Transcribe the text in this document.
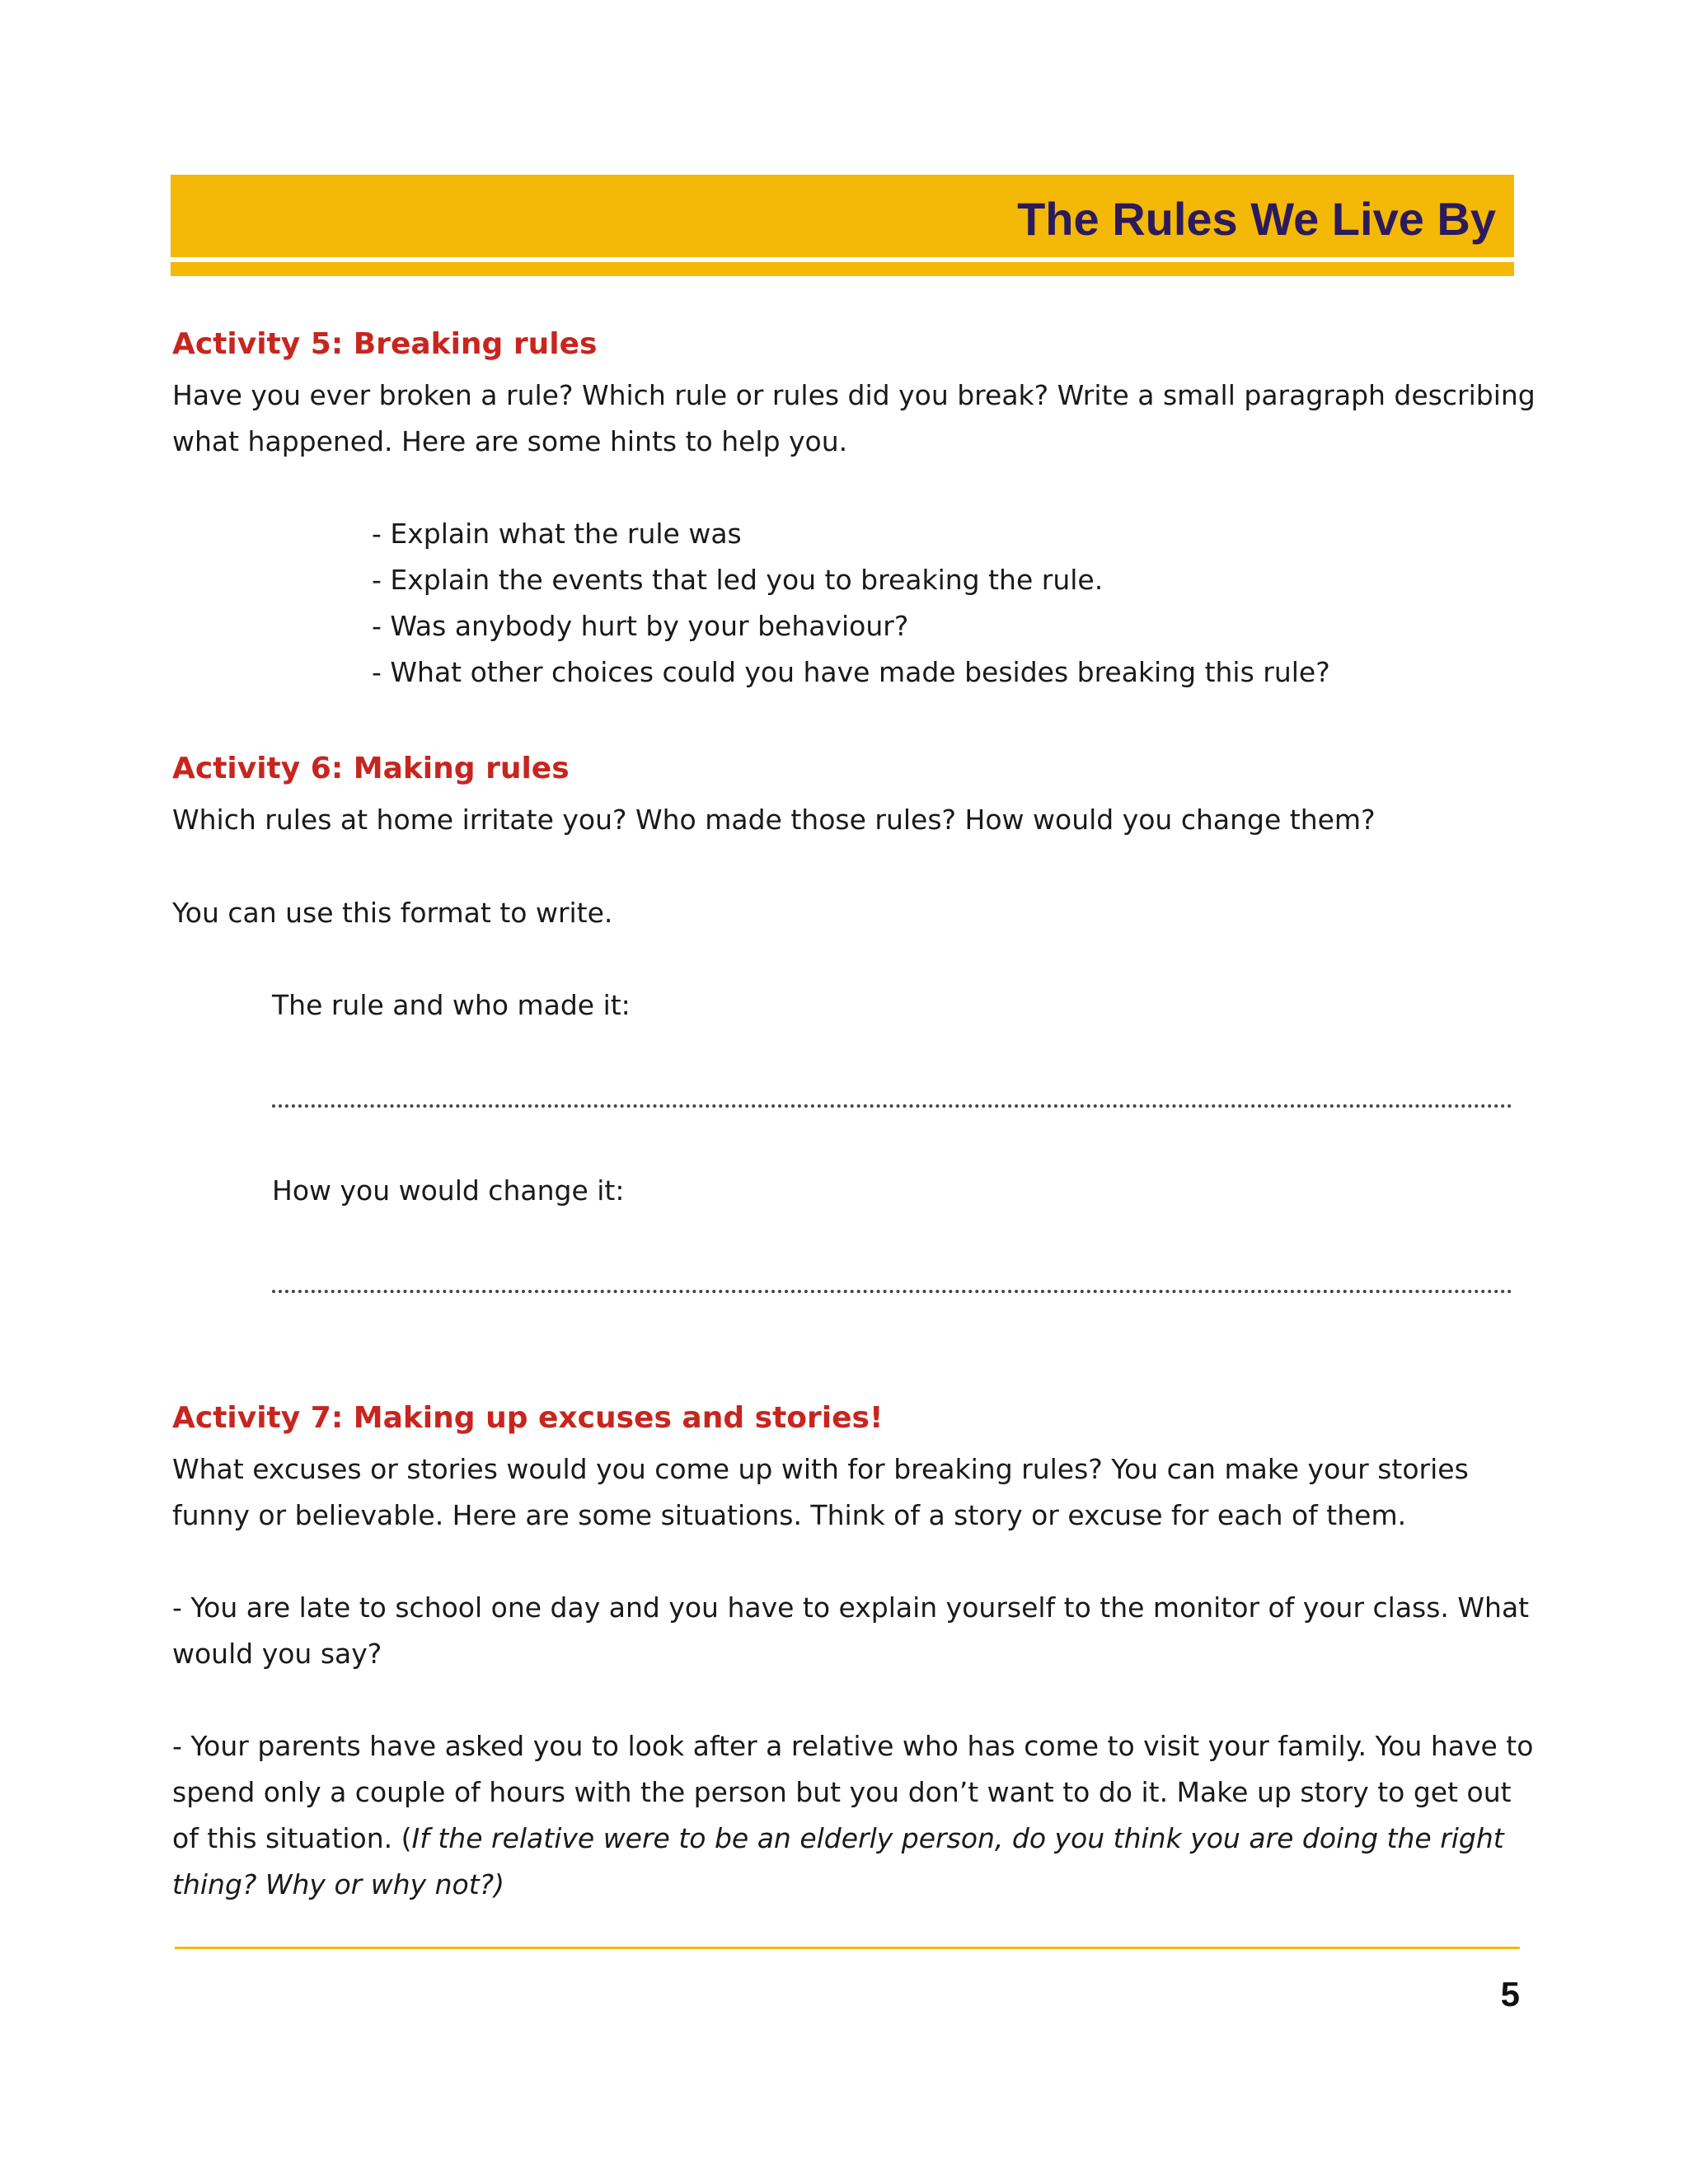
The Rules We Live By
Activity 5: Breaking rules

Have you ever broken a rule? Which rule or rules did you break? Write a small paragraph describing

what happened. Here are some hints to help you.

- Explain what the rule was

- Explain the events that led you to breaking the rule.

- Was anybody hurt by your behaviour?

- What other choices could you have made besides breaking this rule?

Activity 6: Making rules

Which rules at home irritate you? Who made those rules? How would you change them?

You can use this format to write.

The rule and who made it:

How you would change it:

Activity 7: Making up excuses and stories!

What excuses or stories would you come up with for breaking rules? You can make your stories

funny or believable. Here are some situations. Think of a story or excuse for each of them.

- You are late to school one day and you have to explain yourself to the monitor of your class. What

would you say?

- Your parents have asked you to look after a relative who has come to visit your family. You have to

spend only a couple of hours with the person but you don’t want to do it. Make up story to get out

of this situation. (If the relative were to be an elderly person, do you think you are doing the right

thing? Why or why not?)

5
